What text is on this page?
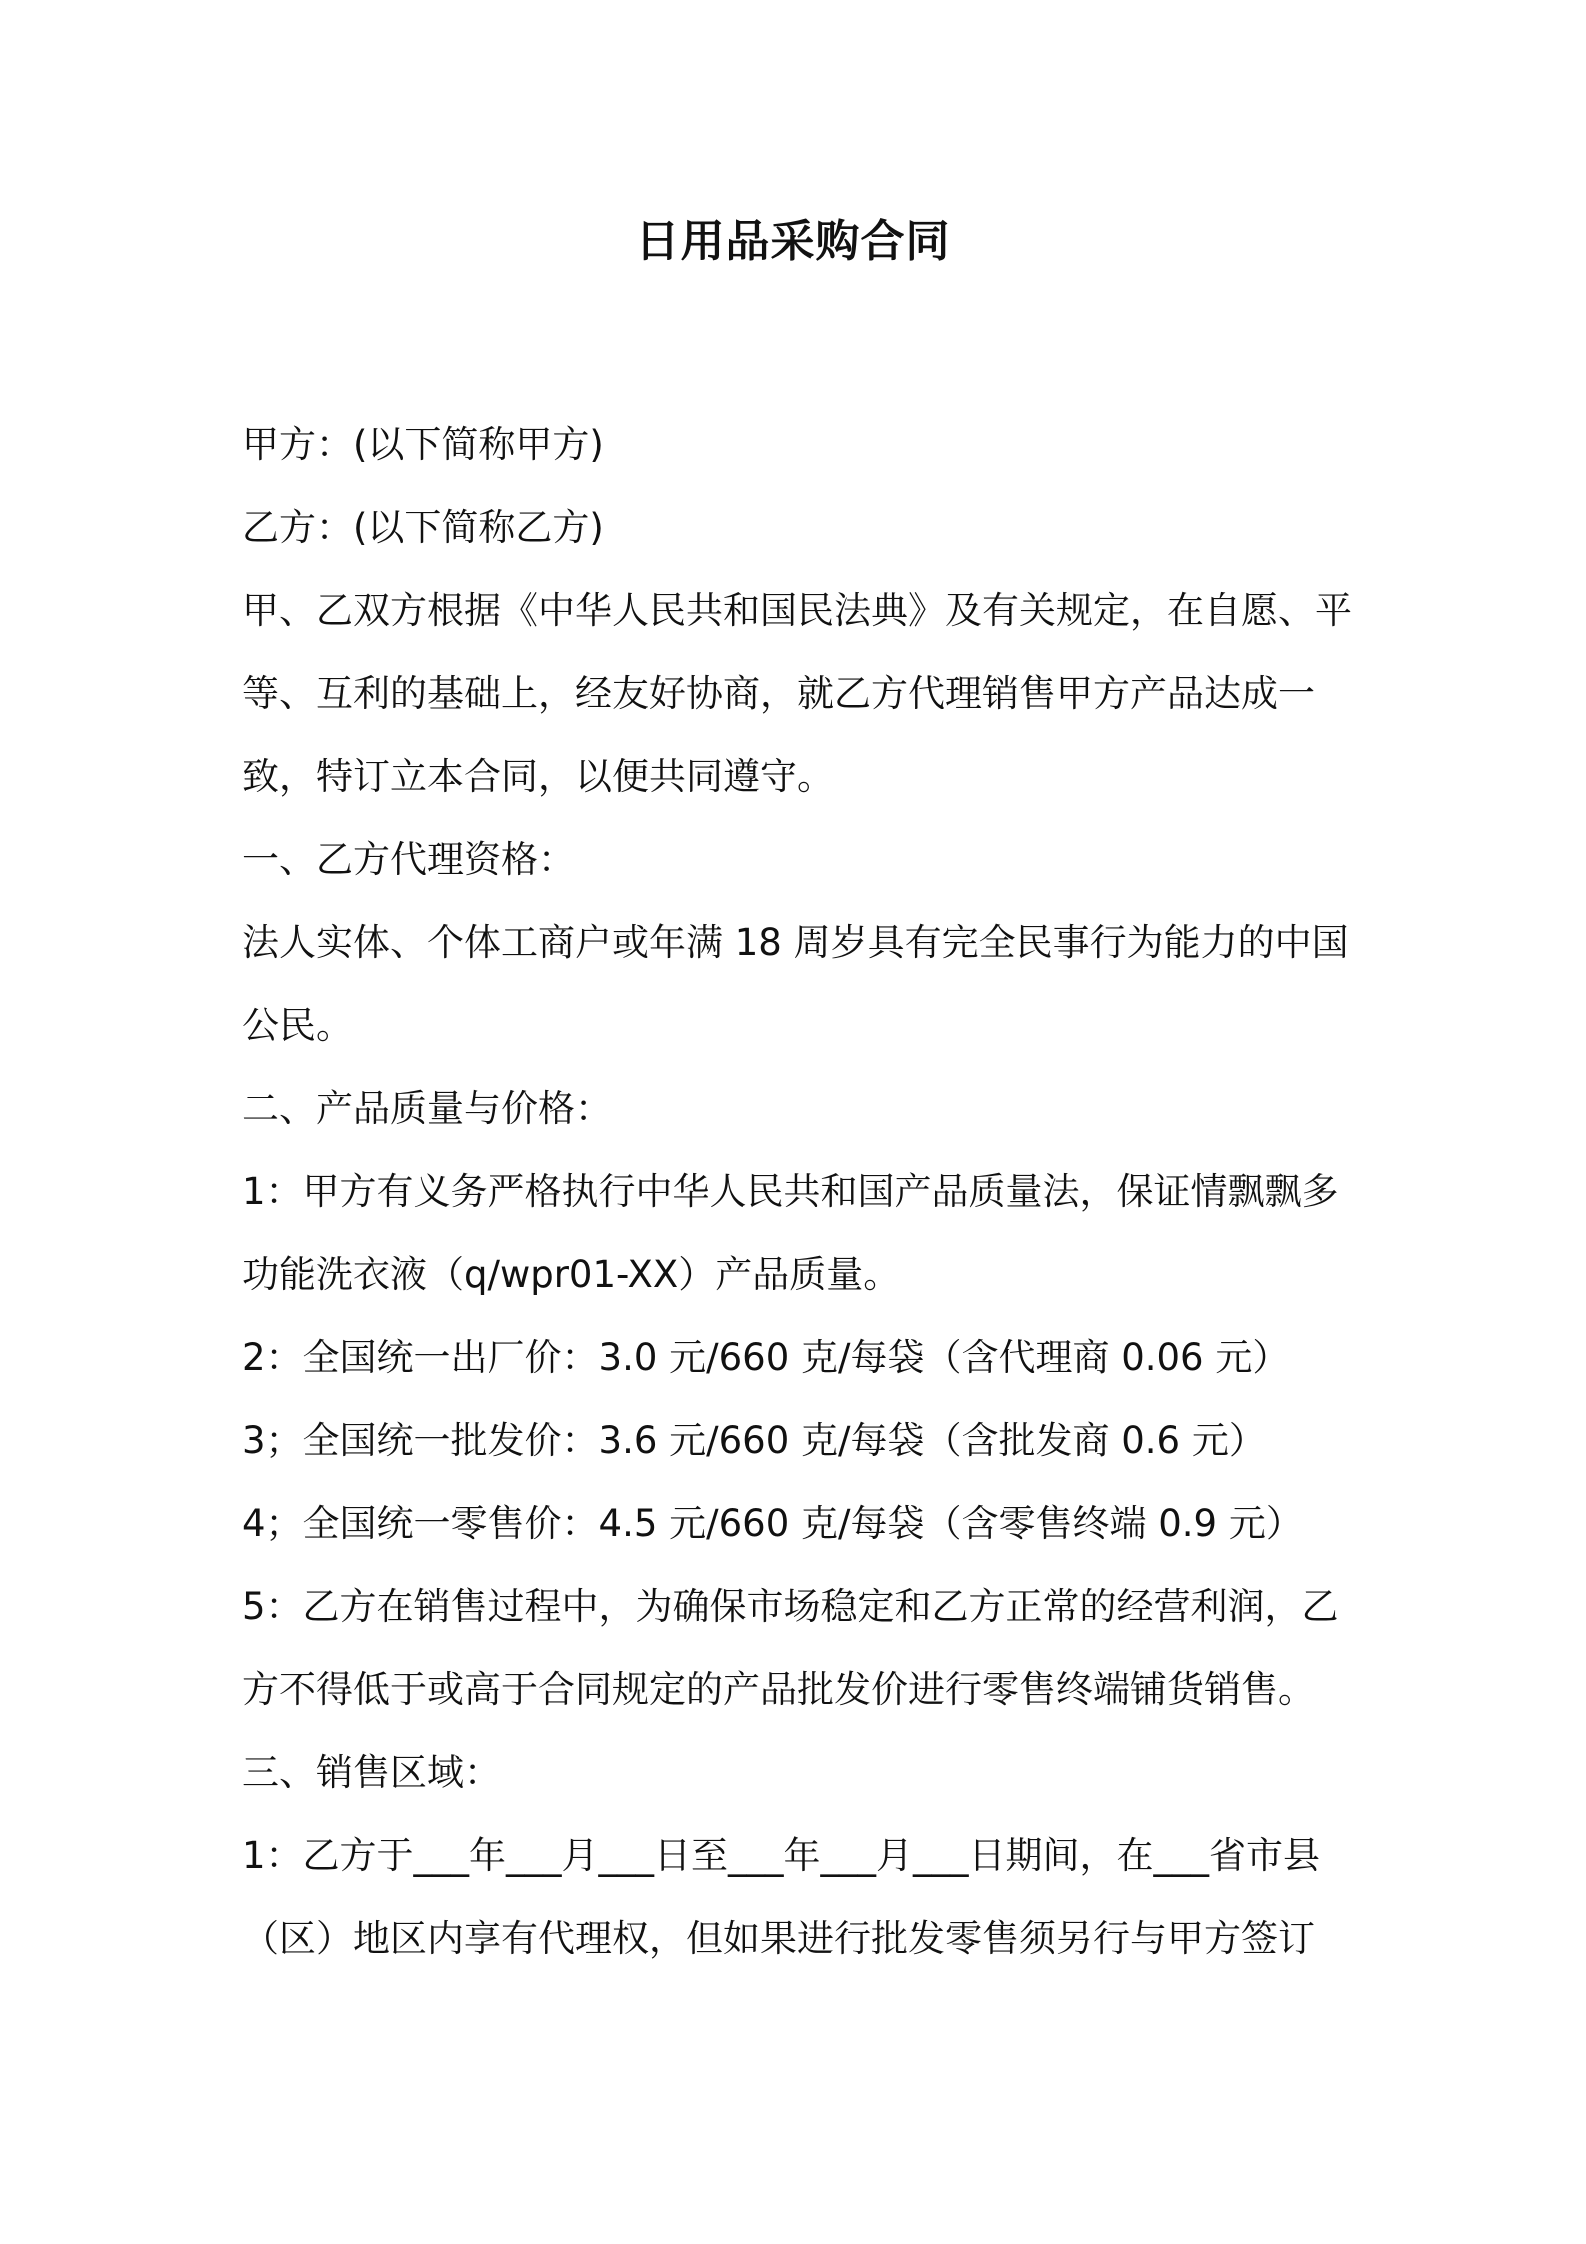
日用品采购合同

甲方：(以下简称甲方)

乙方：(以下简称乙方)

甲、乙双方根据《中华人民共和国民法典》及有关规定，在自愿、平等、互利的基础上，经友好协商，就乙方代理销售甲方产品达成一致，特订立本合同，以便共同遵守。

一、乙方代理资格：

法人实体、个体工商户或年满 18 周岁具有完全民事行为能力的中国公民。

二、产品质量与价格：

1：甲方有义务严格执行中华人民共和国产品质量法，保证情飘飘多功能洗衣液（q/wpr01-XX）产品质量。

2：全国统一出厂价：3.0 元/660 克/每袋（含代理商 0.06 元）

3；全国统一批发价：3.6 元/660 克/每袋（含批发商 0.6 元）

4；全国统一零售价：4.5 元/660 克/每袋（含零售终端 0.9 元）

5：乙方在销售过程中，为确保市场稳定和乙方正常的经营利润，乙方不得低于或高于合同规定的产品批发价进行零售终端铺货销售。

三、销售区域：

1：乙方于___年___月___日至___年___月___日期间，在___省市县（区）地区内享有代理权，但如果进行批发零售须另行与甲方签订
